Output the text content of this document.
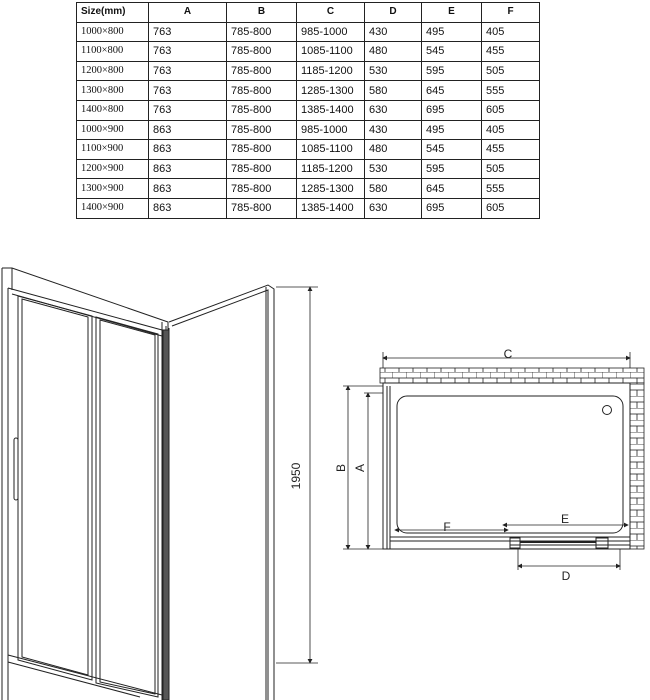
Size(mm)	A	B	C	D	E	F
1000×800	763	785-800	985-1000	430	495	405
1100×800	763	785-800	1085-1100	480	545	455
1200×800	763	785-800	1185-1200	530	595	505
1300×800	763	785-800	1285-1300	580	645	555
1400×800	763	785-800	1385-1400	630	695	605
1000×900	863	785-800	985-1000	430	495	405
1100×900	863	785-800	1085-1100	480	545	455
1200×900	863	785-800	1185-1200	530	595	505
1300×900	863	785-800	1285-1300	580	645	555
1400×900	863	785-800	1385-1400	630	695	605
1950
C
B A
F
E
D
